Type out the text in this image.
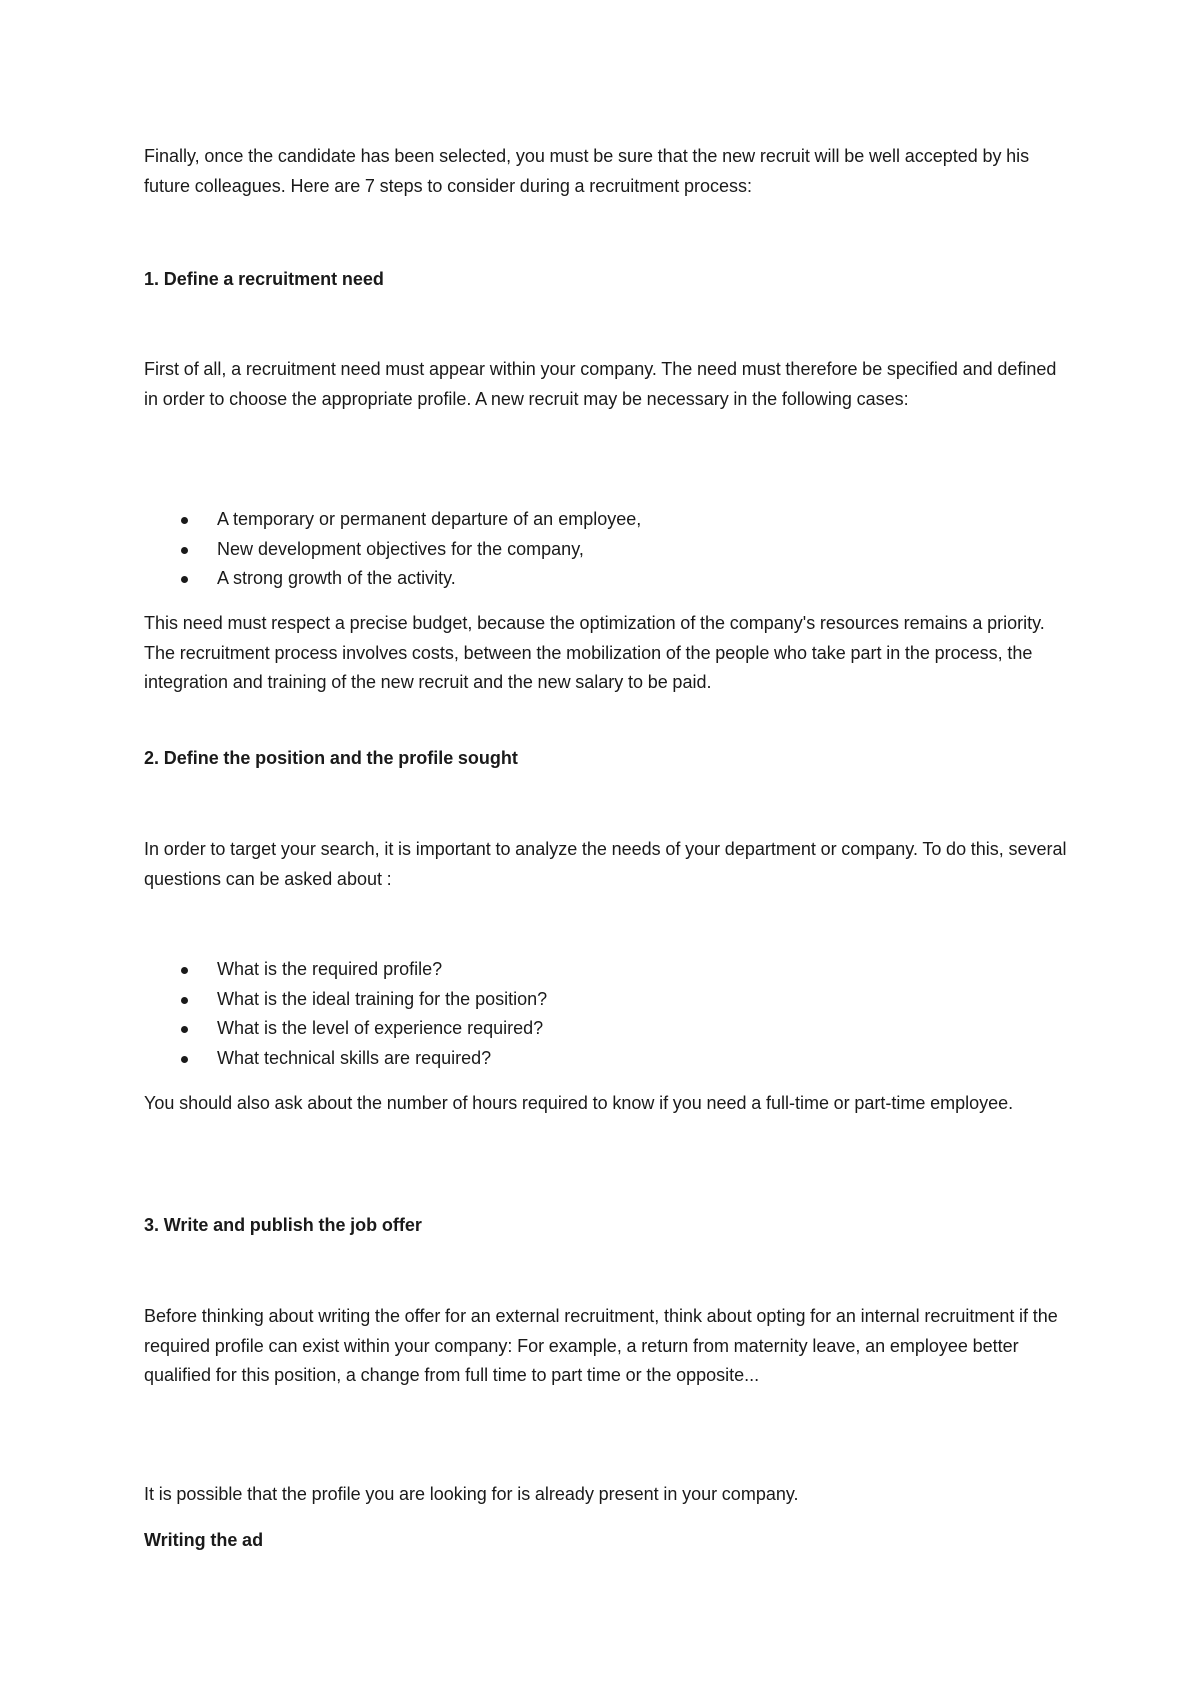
Finally, once the candidate has been selected, you must be sure that the new recruit will be well accepted by his future colleagues. Here are 7 steps to consider during a recruitment process:

1. Define a recruitment need

First of all, a recruitment need must appear within your company. The need must therefore be specified and defined in order to choose the appropriate profile. A new recruit may be necessary in the following cases:

A temporary or permanent departure of an employee,
New development objectives for the company,
A strong growth of the activity.

This need must respect a precise budget, because the optimization of the company's resources remains a priority. The recruitment process involves costs, between the mobilization of the people who take part in the process, the integration and training of the new recruit and the new salary to be paid.

2. Define the position and the profile sought

In order to target your search, it is important to analyze the needs of your department or company. To do this, several questions can be asked about :

What is the required profile?
What is the ideal training for the position?
What is the level of experience required?
What technical skills are required?

You should also ask about the number of hours required to know if you need a full-time or part-time employee.

3. Write and publish the job offer

Before thinking about writing the offer for an external recruitment, think about opting for an internal recruitment if the required profile can exist within your company: For example, a return from maternity leave, an employee better qualified for this position, a change from full time to part time or the opposite...

It is possible that the profile you are looking for is already present in your company.

Writing the ad
